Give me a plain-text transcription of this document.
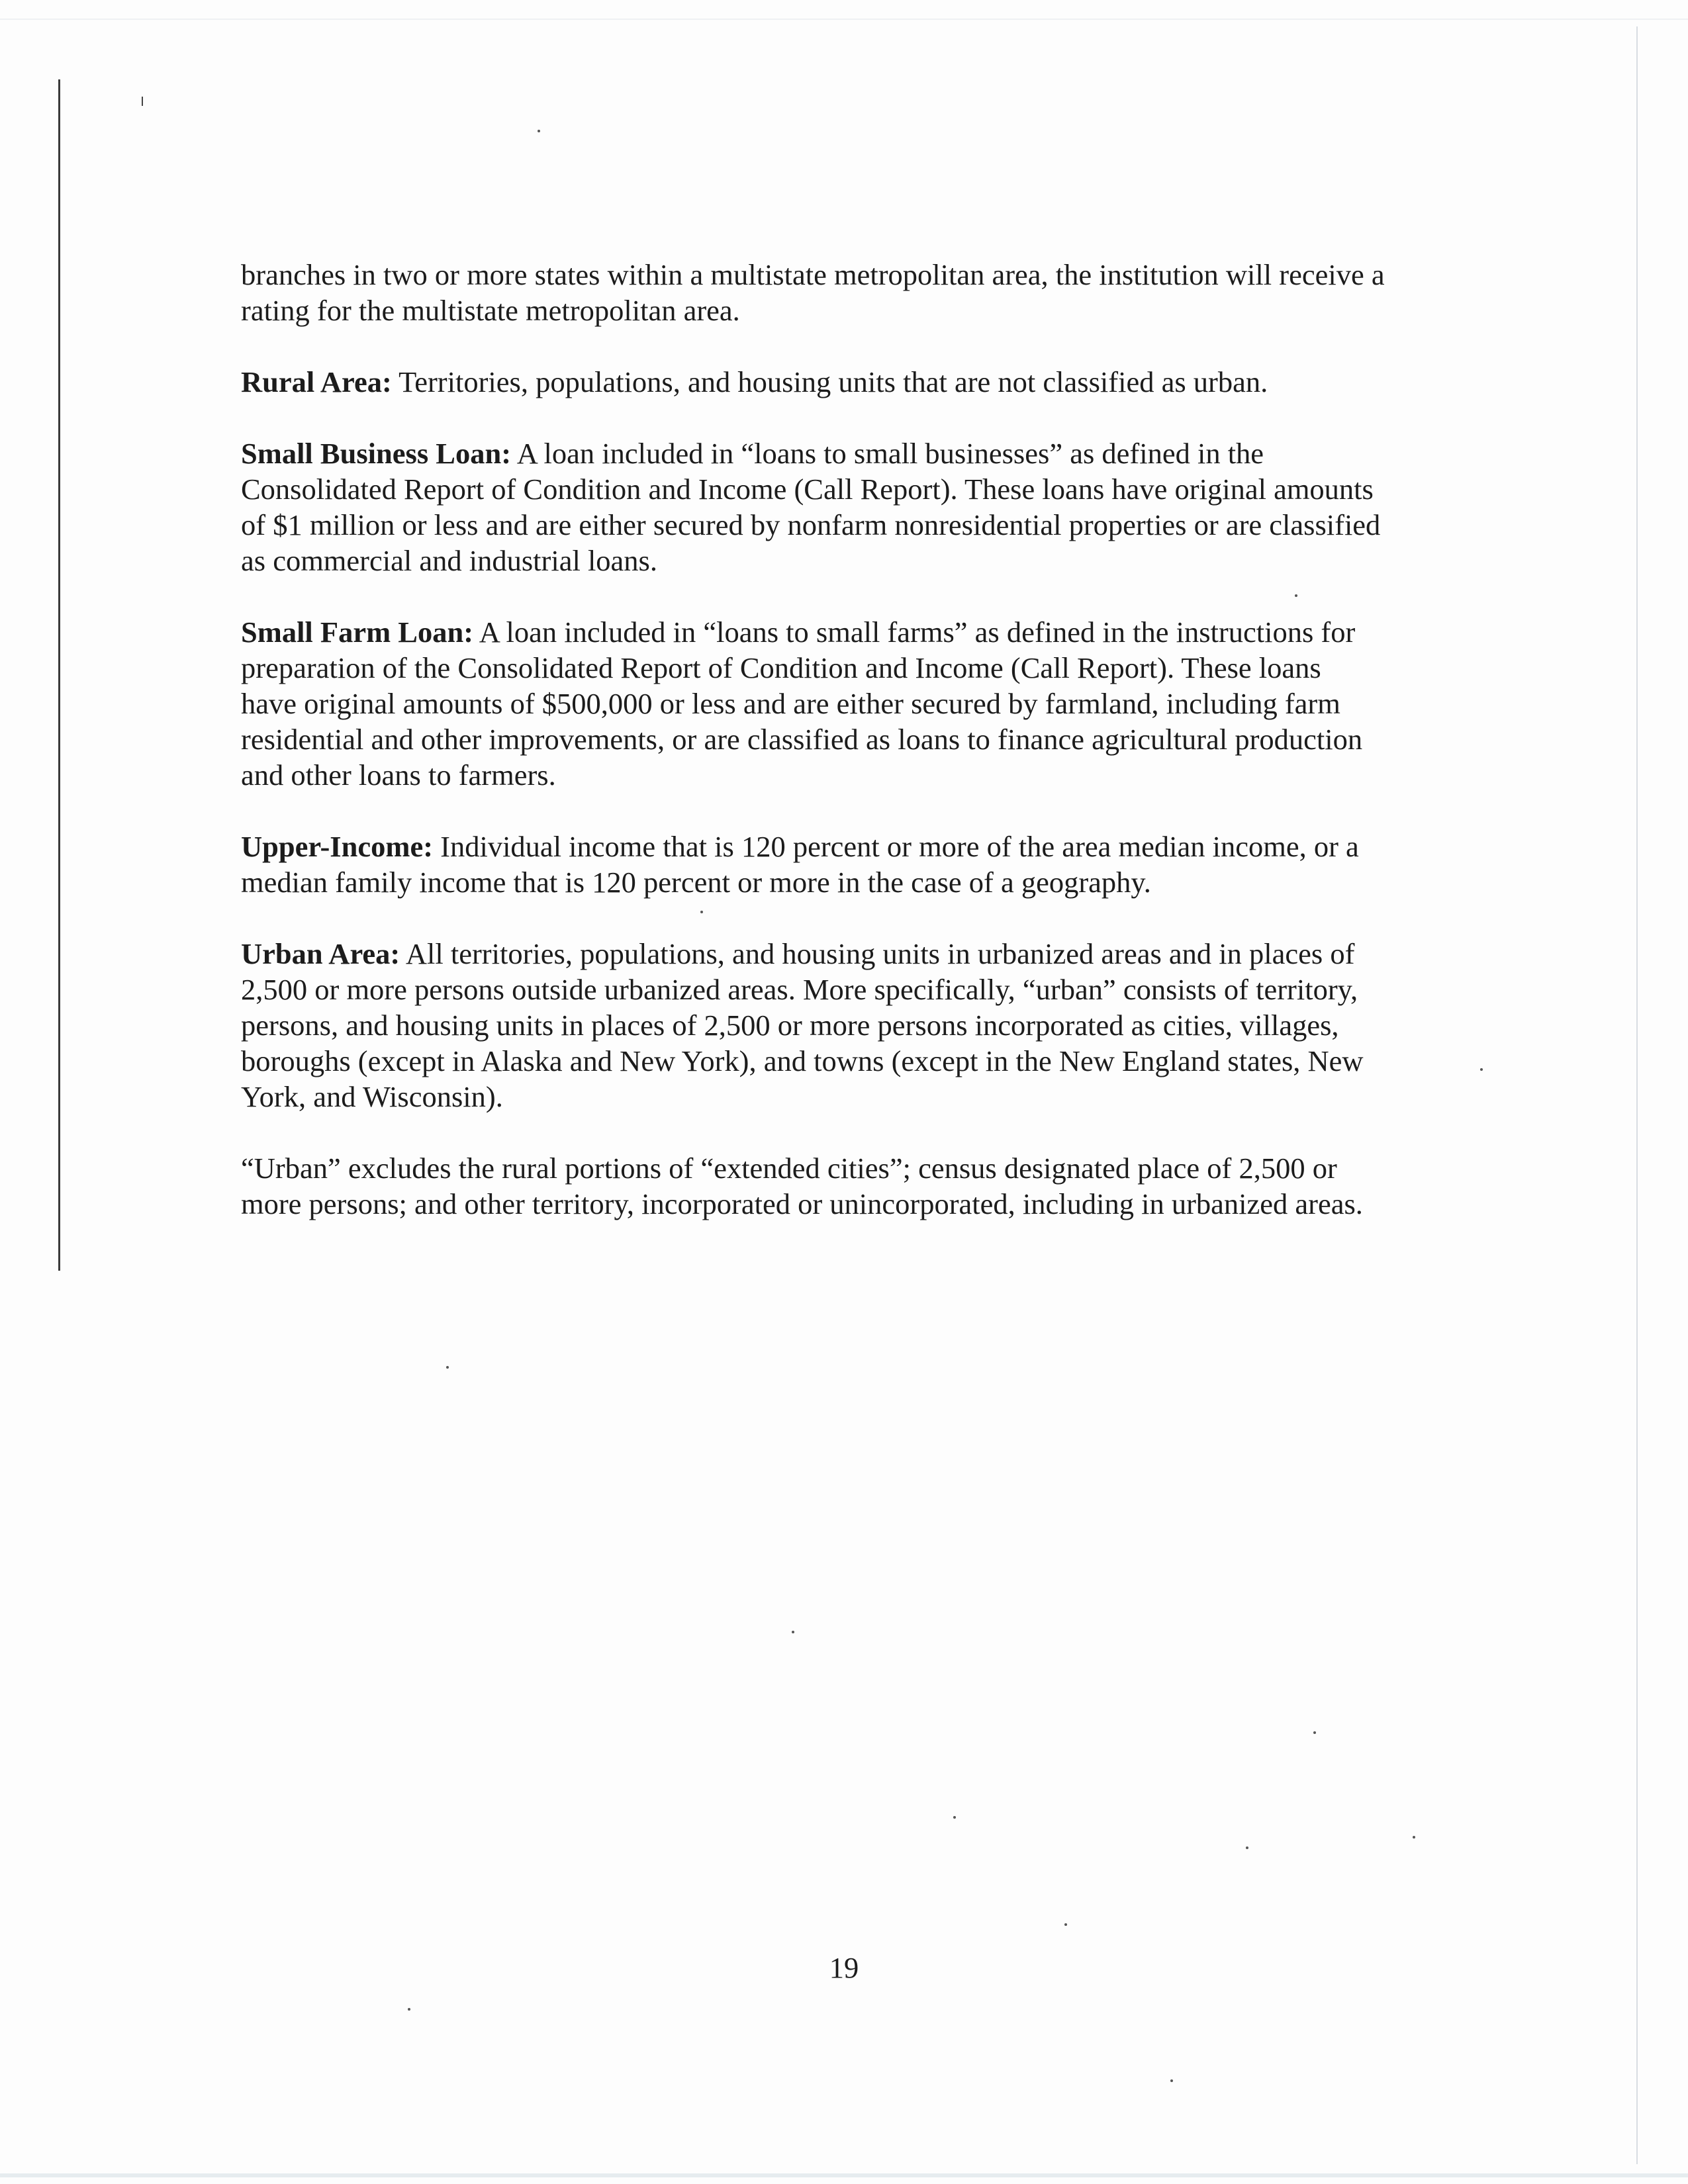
branches in two or more states within a multistate metropolitan area, the institution will receive a
rating for the multistate metropolitan area.

Rural Area: Territories, populations, and housing units that are not classified as urban.

Small Business Loan: A loan included in “loans to small businesses” as defined in the
Consolidated Report of Condition and Income (Call Report). These loans have original amounts
of $1 million or less and are either secured by nonfarm nonresidential properties or are classified
as commercial and industrial loans.

Small Farm Loan: A loan included in “loans to small farms” as defined in the instructions for
preparation of the Consolidated Report of Condition and Income (Call Report). These loans
have original amounts of $500,000 or less and are either secured by farmland, including farm
residential and other improvements, or are classified as loans to finance agricultural production
and other loans to farmers.

Upper-Income: Individual income that is 120 percent or more of the area median income, or a
median family income that is 120 percent or more in the case of a geography.

Urban Area: All territories, populations, and housing units in urbanized areas and in places of
2,500 or more persons outside urbanized areas. More specifically, “urban” consists of territory,
persons, and housing units in places of 2,500 or more persons incorporated as cities, villages,
boroughs (except in Alaska and New York), and towns (except in the New England states, New
York, and Wisconsin).

“Urban” excludes the rural portions of “extended cities”; census designated place of 2,500 or
more persons; and other territory, incorporated or unincorporated, including in urbanized areas.

19
